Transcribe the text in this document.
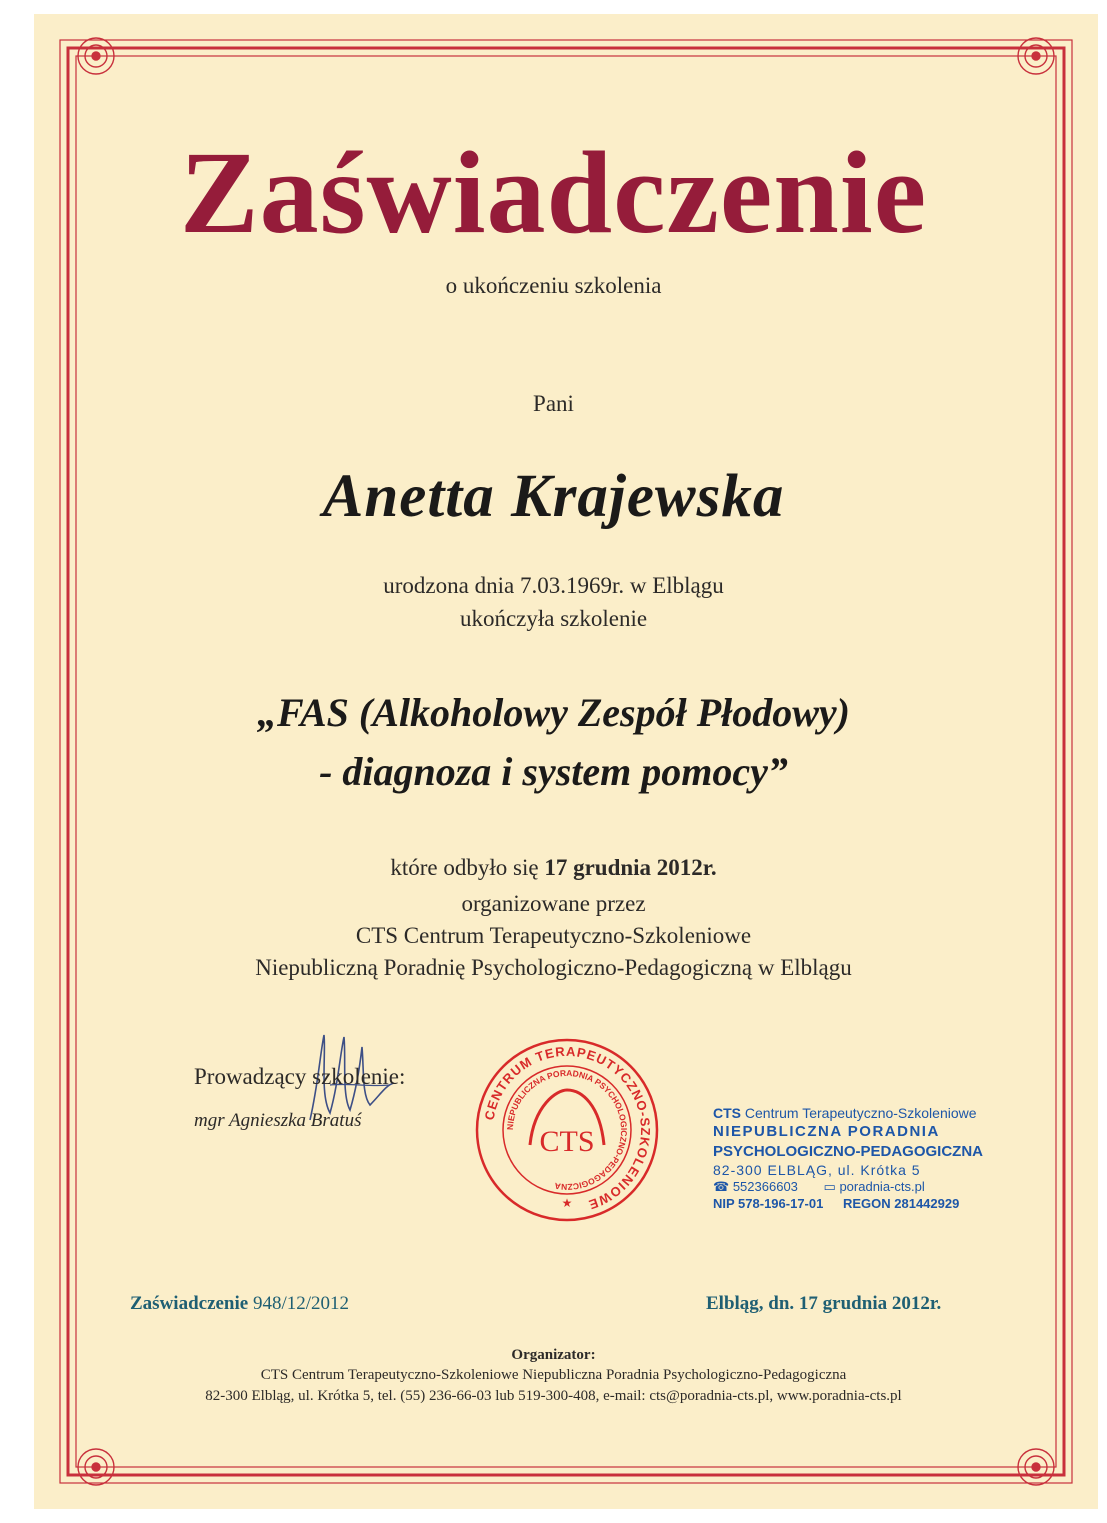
Zaświadczenie
o ukończeniu szkolenia
Pani
Anetta Krajewska
urodzona dnia 7.03.1969r. w Elblągu
ukończyła szkolenie
„FAS (Alkoholowy Zespół Płodowy)
- diagnoza i system pomocy”
które odbyło się 17 grudnia 2012r.
organizowane przez
CTS Centrum Terapeutyczno-Szkoleniowe
Niepubliczną Poradnię Psychologiczno-Pedagogiczną w Elblągu
Prowadzący szkolenie:
mgr Agnieszka Bratuś	CENTRUM TERAPEUTYCZNO-SZKOLENIOWE
NIEPUBLICZNA PORADNIA PSYCHOLOGICZNO-PEDAGOGICZNA
CTS
★
CTS Centrum Terapeutyczno-Szkoleniowe
NIEPUBLICZNA PORADNIA
PSYCHOLOGICZNO-PEDAGOGICZNA
82-300 ELBLĄG, ul. Krótka 5
☎ 552366603 ▭ poradnia-cts.pl
NIP 578-196-17-01 REGON 281442929
Zaświadczenie 948/12/2012	Elbląg, dn. 17 grudnia 2012r.
Organizator:
CTS Centrum Terapeutyczno-Szkoleniowe Niepubliczna Poradnia Psychologiczno-Pedagogiczna
82-300 Elbląg, ul. Krótka 5, tel. (55) 236-66-03 lub 519-300-408, e-mail: cts@poradnia-cts.pl, www.poradnia-cts.pl
